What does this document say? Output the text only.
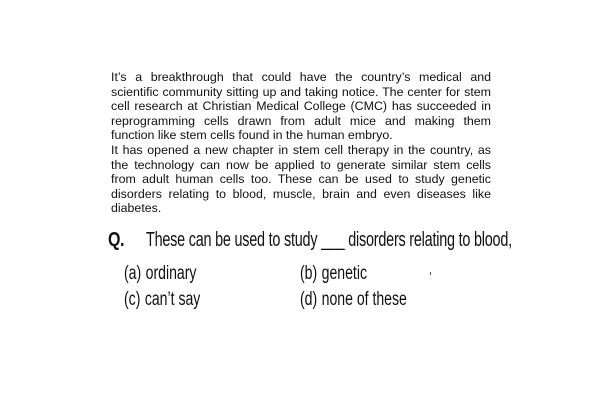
It’s a breakthrough that could have the country’s medical and scientific community sitting up and taking notice. The center for stem cell research at Christian Medical College (CMC) has succeeded in reprogramming cells drawn from adult mice and making them function like stem cells found in the human embryo.

It has opened a new chapter in stem cell therapy in the country, as the technology can now be applied to generate similar stem cells from adult human cells too. These can be used to study genetic disorders relating to blood, muscle, brain and even diseases like diabetes.

Q. These can be used to study ___ disorders relating to blood,
(a) ordinary	(b) genetic
(c) can’t say	(d) none of these
